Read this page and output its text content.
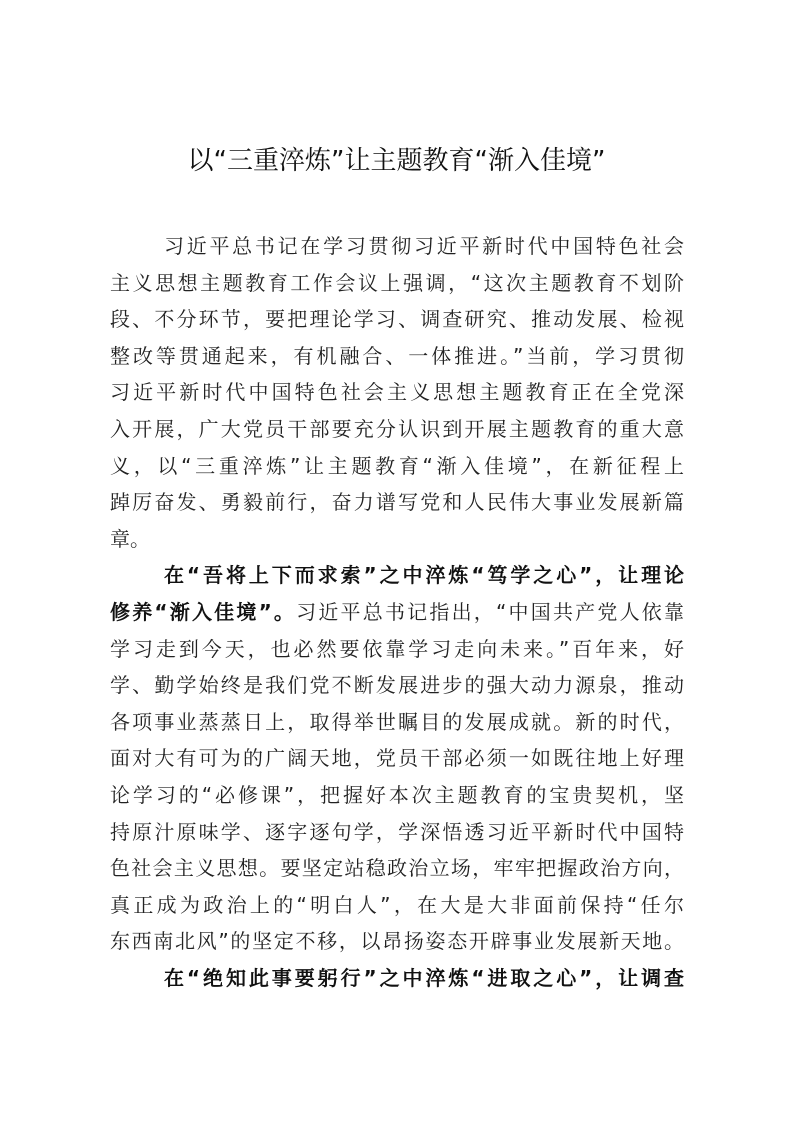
以“三重淬炼”让主题教育“渐入佳境”
习近平总书记在学习贯彻习近平新时代中国特色社会
主义思想主题教育工作会议上强调，“这次主题教育不划阶
段、不分环节，要把理论学习、调查研究、推动发展、检视
整改等贯通起来，有机融合、一体推进。”当前，学习贯彻
习近平新时代中国特色社会主义思想主题教育正在全党深
入开展，广大党员干部要充分认识到开展主题教育的重大意
义，以“三重淬炼”让主题教育“渐入佳境”，在新征程上
踔厉奋发、勇毅前行，奋力谱写党和人民伟大事业发展新篇
章。
在“吾将上下而求索”之中淬炼“笃学之心”，让理论
修养“渐入佳境”。习近平总书记指出，“中国共产党人依靠
学习走到今天，也必然要依靠学习走向未来。”百年来，好
学、勤学始终是我们党不断发展进步的强大动力源泉，推动
各项事业蒸蒸日上，取得举世瞩目的发展成就。新的时代，
面对大有可为的广阔天地，党员干部必须一如既往地上好理
论学习的“必修课”，把握好本次主题教育的宝贵契机，坚
持原汁原味学、逐字逐句学，学深悟透习近平新时代中国特
色社会主义思想。要坚定站稳政治立场，牢牢把握政治方向，
真正成为政治上的“明白人”，在大是大非面前保持“任尔
东西南北风”的坚定不移，以昂扬姿态开辟事业发展新天地。
在“绝知此事要躬行”之中淬炼“进取之心”，让调查
